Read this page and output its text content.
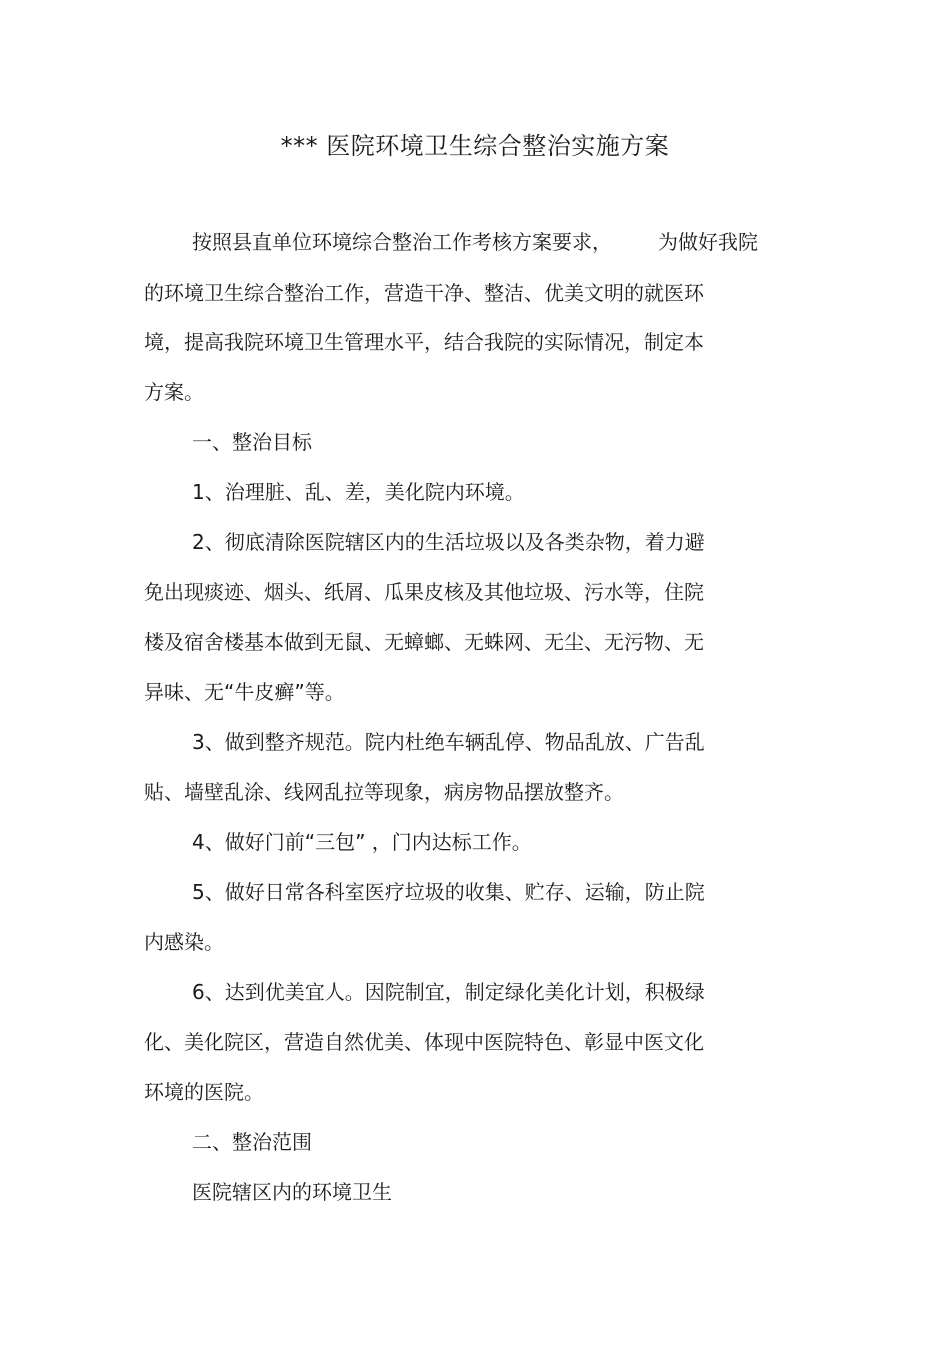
*** 医院环境卫生综合整治实施方案
按照县直单位环境综合整治工作考核方案要求， 为做好我院
的环境卫生综合整治工作，营造干净、整洁、优美文明的就医环
境，提高我院环境卫生管理水平，结合我院的实际情况，制定本
方案。
一、整治目标
1、治理脏、乱、差，美化院内环境。
2、彻底清除医院辖区内的生活垃圾以及各类杂物，着力避
免出现痰迹、烟头、纸屑、瓜果皮核及其他垃圾、污水等，住院
楼及宿舍楼基本做到无鼠、无蟑螂、无蛛网、无尘、无污物、无
异味、无“牛皮癣”等。
3、做到整齐规范。院内杜绝车辆乱停、物品乱放、广告乱
贴、墙壁乱涂、线网乱拉等现象，病房物品摆放整齐。
4、做好门前“三包” ，门内达标工作。
5、做好日常各科室医疗垃圾的收集、贮存、运输，防止院
内感染。
6、达到优美宜人。因院制宜，制定绿化美化计划，积极绿
化、美化院区，营造自然优美、体现中医院特色、彰显中医文化
环境的医院。
二、整治范围
医院辖区内的环境卫生
